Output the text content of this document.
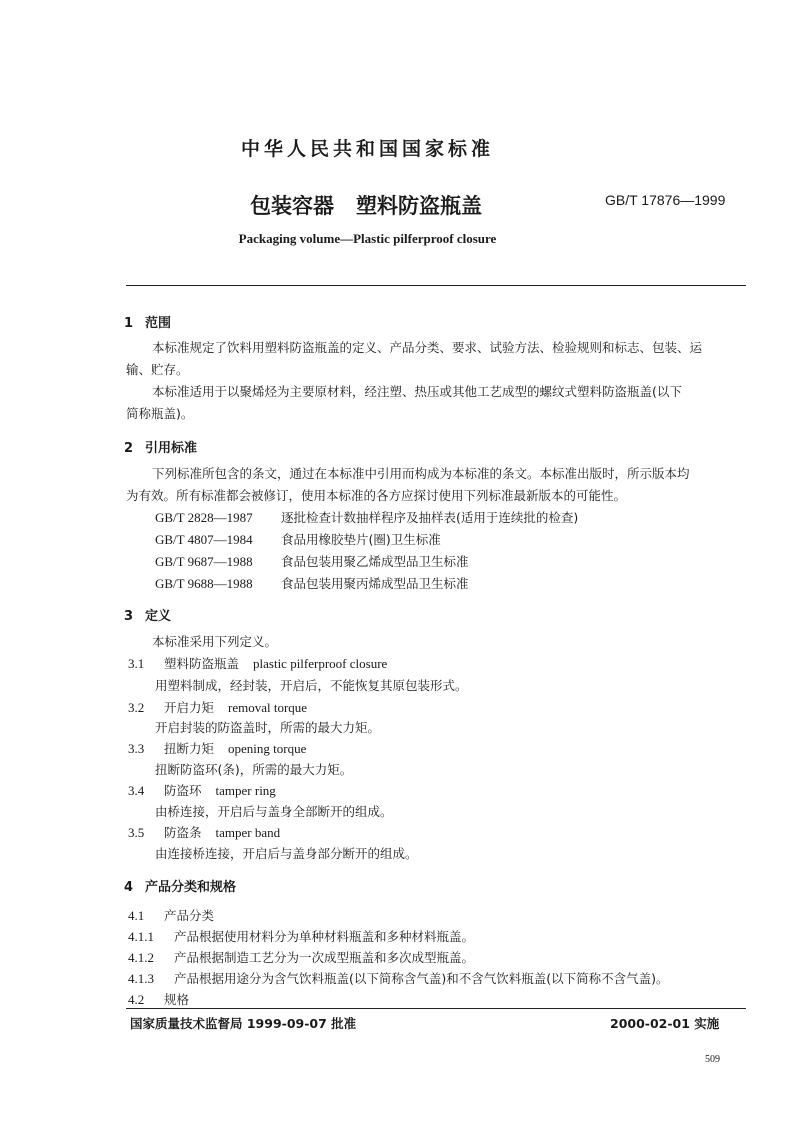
中华人民共和国国家标准
包装容器 塑料防盗瓶盖	GB/T 17876—1999
Packaging volume—Plastic pilferproof closure
1 范围
本标准规定了饮料用塑料防盗瓶盖的定义、产品分类、要求、试验方法、检验规则和标志、包装、运
输、贮存。
本标准适用于以聚烯烃为主要原材料，经注塑、热压或其他工艺成型的螺纹式塑料防盗瓶盖(以下
简称瓶盖)。
2 引用标准
下列标准所包含的条文，通过在本标准中引用而构成为本标准的条文。本标准出版时，所示版本均
为有效。所有标准都会被修订，使用本标准的各方应探讨使用下列标准最新版本的可能性。
GB/T 2828—1987 逐批检查计数抽样程序及抽样表(适用于连续批的检查)
GB/T 4807—1984 食品用橡胶垫片(圈)卫生标准
GB/T 9687—1988 食品包装用聚乙烯成型品卫生标准
GB/T 9688—1988 食品包装用聚丙烯成型品卫生标准
3 定义
本标准采用下列定义。
3.1 塑料防盗瓶盖 plastic pilferproof closure
用塑料制成，经封装，开启后，不能恢复其原包装形式。
3.2 开启力矩 removal torque
开启封装的防盗盖时，所需的最大力矩。
3.3 扭断力矩 opening torque
扭断防盗环(条)，所需的最大力矩。
3.4 防盗环 tamper ring
由桥连接，开启后与盖身全部断开的组成。
3.5 防盗条 tamper band
由连接桥连接，开启后与盖身部分断开的组成。
4 产品分类和规格
4.1 产品分类
4.1.1 产品根据使用材料分为单种材料瓶盖和多种材料瓶盖。
4.1.2 产品根据制造工艺分为一次成型瓶盖和多次成型瓶盖。
4.1.3 产品根据用途分为含气饮料瓶盖(以下简称含气盖)和不含气饮料瓶盖(以下简称不含气盖)。
4.2 规格
国家质量技术监督局 1999-09-07 批准	2000-02-01 实施
509
